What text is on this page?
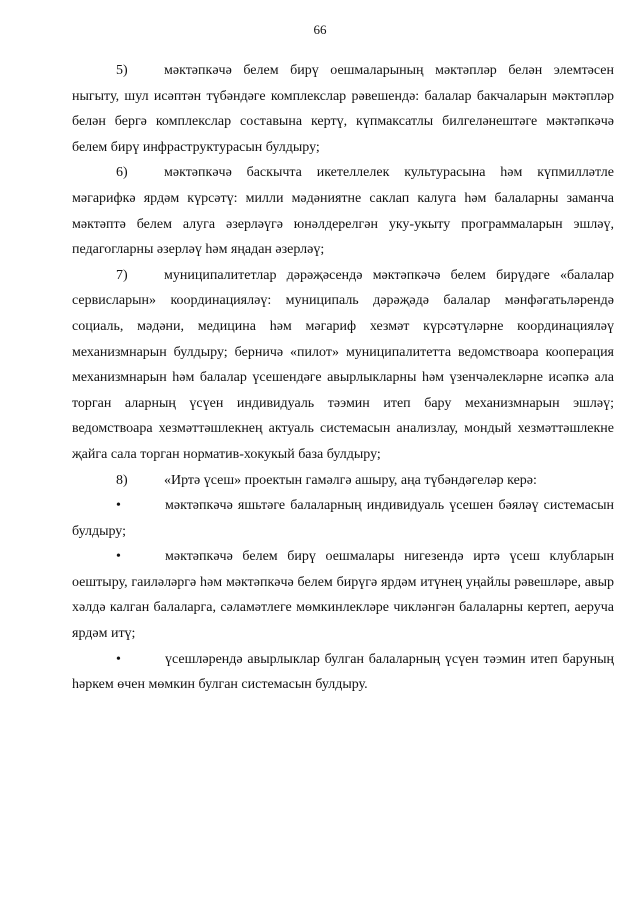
66

5)	мәктәпкәчә белем бирү оешмаларының мәктәпләр белән элемтәсен ныгыту, шул исәптән түбәндәге комплекслар рәвешендә: балалар бакчаларын мәктәпләр белән бергә комплекслар составына кертү, күпмаксатлы билгеләнештәге мәктәпкәчә белем бирү инфраструктурасын булдыру;

6)	мәктәпкәчә баскычта икетеллелек культурасына һәм күпмилләтле мәгарифкә ярдәм күрсәтү: милли мәдәниятне саклап калуга һәм балаларны заманча мәктәптә белем алуга әзерләүгә юнәлдерелгән уку-укыту программаларын эшләү, педагогларны әзерләү һәм яңадан әзерләү;

7)	муниципалитетлар дәрәҗәсендә мәктәпкәчә белем бирүдәге «балалар сервисларын» координацияләү: муниципаль дәрәҗәдә балалар мәнфәгатьләрендә социаль, мәдәни, медицина һәм мәгариф хезмәт күрсәтүләрне координацияләү механизмнарын булдыру; берничә «пилот» муниципалитетта ведомствоара кооперация механизмнарын һәм балалар үсешендәге авырлыкларны һәм үзенчәлекләрне исәпкә ала торган аларның үсүен индивидуаль тәэмин итеп бару механизмнарын эшләү; ведомствоара хезмәттәшлекнең актуаль системасын анализлау, мондый хезмәттәшлекне җайга сала торган норматив-хокукый база булдыру;

8)	«Иртә үсеш» проектын гамәлгә ашыру, аңа түбәндәгеләр керә:

•	мәктәпкәчә яшьтәге балаларның индивидуаль үсешен бәяләү системасын булдыру;

•	мәктәпкәчә белем бирү оешмалары нигезендә иртә үсеш клубларын оештыру, гаиләләргә һәм мәктәпкәчә белем бирүгә ярдәм итүнең уңайлы рәвешләре, авыр хәлдә калган балаларга, сәламәтлеге мөмкинлекләре чикләнгән балаларны кертеп, аеруча ярдәм итү;

•	үсешләрендә авырлыклар булган балаларның үсүен тәэмин итеп баруның һәркем өчен мөмкин булган системасын булдыру.
